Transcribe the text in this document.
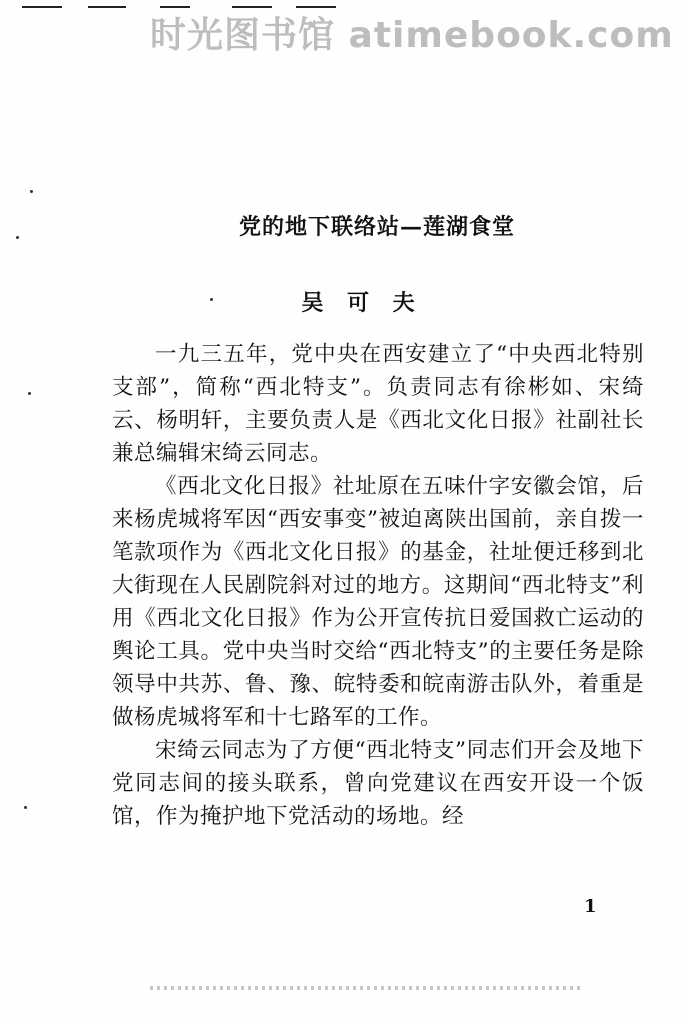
时光图书馆 atimebook.com
党的地下联络站—莲湖食堂
吴 可 夫

一九三五年，党中央在西安建立了“中央西北特别支部”，简称“西北特支”。负责同志有徐彬如、宋绮云、杨明轩，主要负责人是《西北文化日报》社副社长兼总编辑宋绮云同志。

《西北文化日报》社址原在五味什字安徽会馆，后来杨虎城将军因“西安事变”被迫离陕出国前，亲自拨一笔款项作为《西北文化日报》的基金，社址便迁移到北大街现在人民剧院斜对过的地方。这期间“西北特支”利用《西北文化日报》作为公开宣传抗日爱国救亡运动的舆论工具。党中央当时交给“西北特支”的主要任务是除领导中共苏、鲁、豫、皖特委和皖南游击队外，着重是做杨虎城将军和十七路军的工作。

宋绮云同志为了方便“西北特支”同志们开会及地下党同志间的接头联系，曾向党建议在西安开设一个饭馆，作为掩护地下党活动的场地。经

1
